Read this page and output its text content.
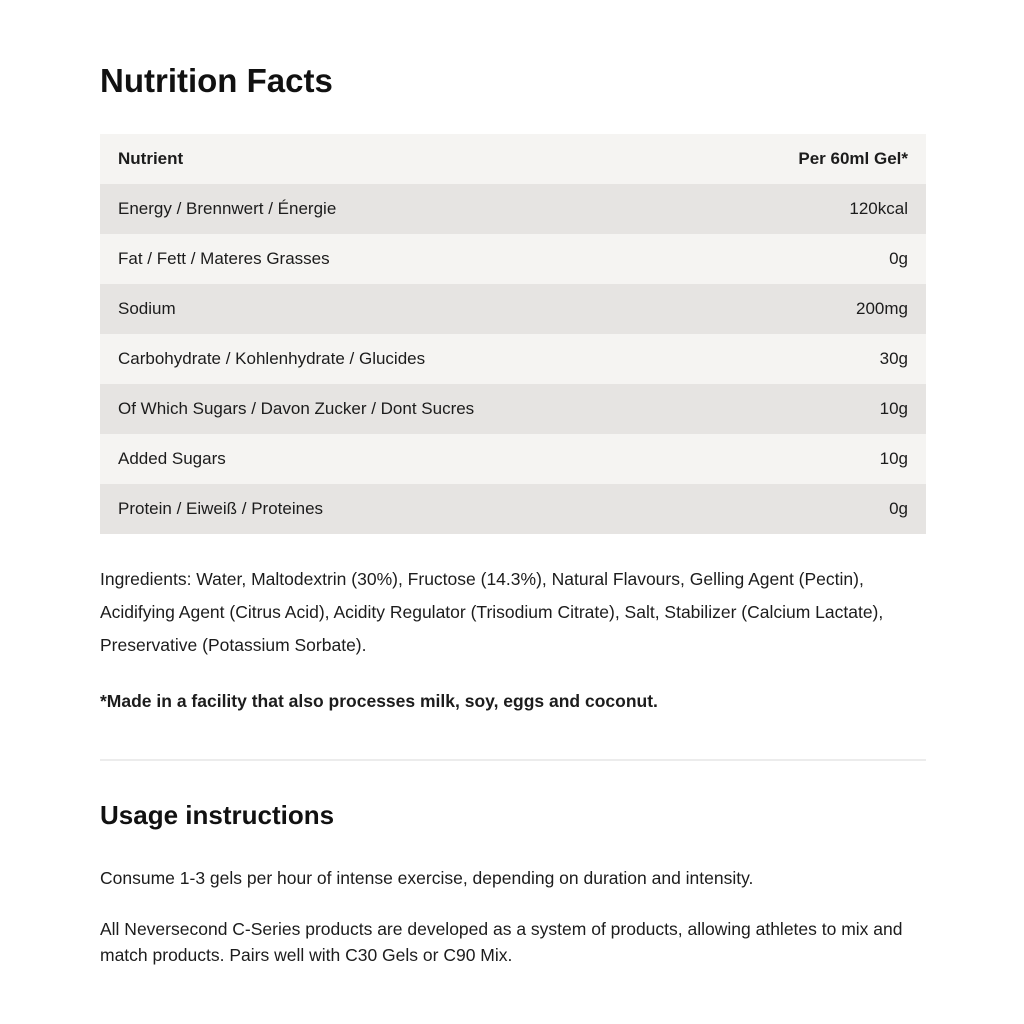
Nutrition Facts
Nutrient	Per 60ml Gel*
Energy / Brennwert / Énergie	120kcal
Fat / Fett / Materes Grasses	0g
Sodium	200mg
Carbohydrate / Kohlenhydrate / Glucides	30g
Of Which Sugars / Davon Zucker / Dont Sucres	10g
Added Sugars	10g
Protein / Eiweiß / Proteines	0g

Ingredients: Water, Maltodextrin (30%), Fructose (14.3%), Natural Flavours, Gelling Agent (Pectin), Acidifying Agent (Citrus Acid), Acidity Regulator (Trisodium Citrate), Salt, Stabilizer (Calcium Lactate), Preservative (Potassium Sorbate).

*Made in a facility that also processes milk, soy, eggs and coconut.

Usage instructions

Consume 1-3 gels per hour of intense exercise, depending on duration and intensity.

All Neversecond C-Series products are developed as a system of products, allowing athletes to mix and match products. Pairs well with C30 Gels or C90 Mix.
